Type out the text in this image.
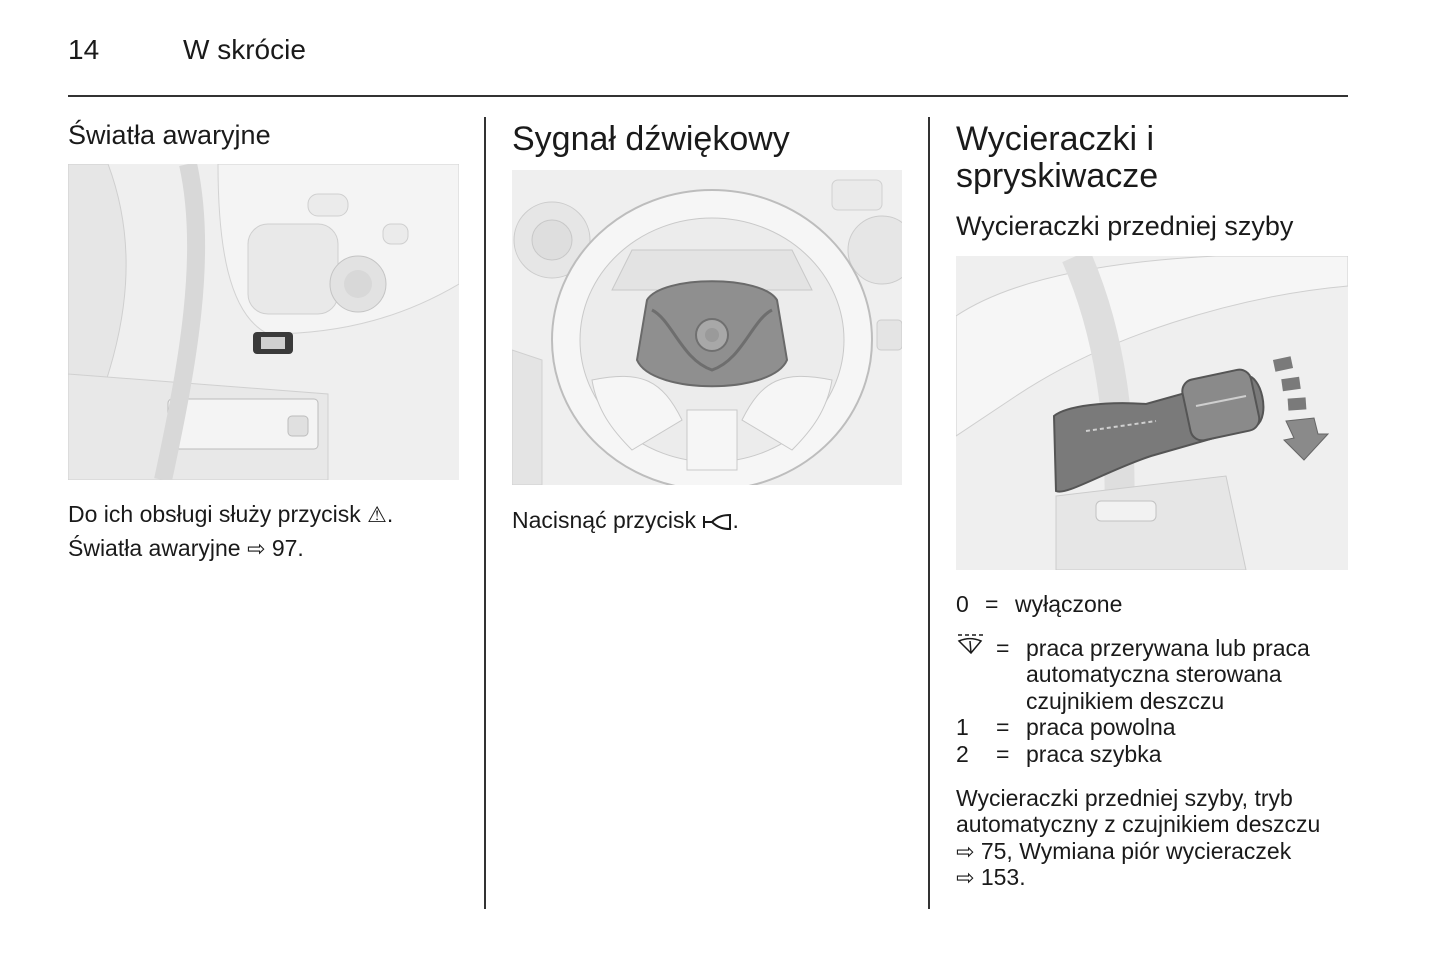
14	W skrócie
Światła awaryjne
Do ich obsługi służy przycisk ⚠.
Światła awaryjne ⇨ 97.
Sygnał dźwiękowy
Nacisnąć przycisk .
Wycieraczki i
spryskiwacze
Wycieraczki przedniej szyby
0 = wyłączone
= praca przerywana lub praca
automatyczna sterowana
czujnikiem deszczu
1 = praca powolna
2 = praca szybka
Wycieraczki przedniej szyby, tryb
automatyczny z czujnikiem deszczu
⇨ 75, Wymiana piór wycieraczek
⇨ 153.
